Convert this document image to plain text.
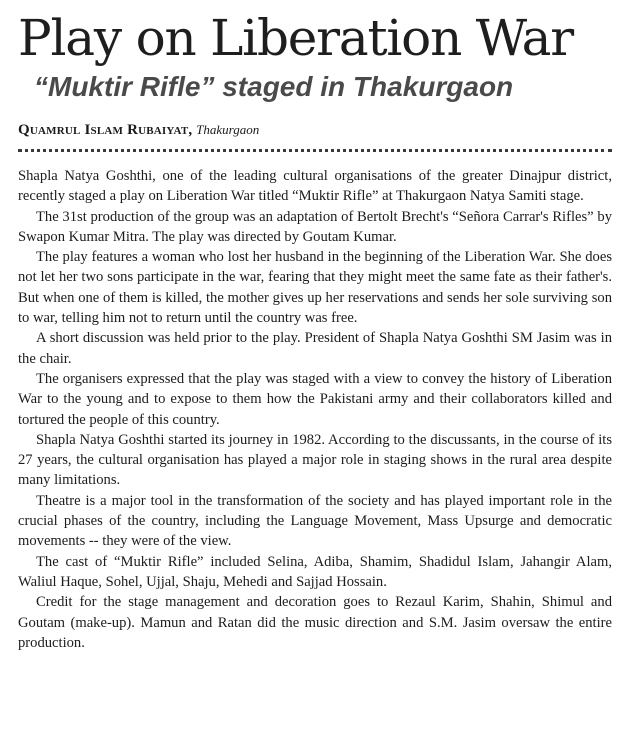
Play on Liberation War
“Muktir Rifle” staged in Thakurgaon
Quamrul Islam Rubaiyat, Thakurgaon

Shapla Natya Goshthi, one of the leading cultural organisations of the greater Dinajpur district, recently staged a play on Liberation War titled “Muktir Rifle” at Thakurgaon Natya Samiti stage.

The 31st production of the group was an adaptation of Bertolt Brecht's “Señora Carrar's Rifles” by Swapon Kumar Mitra. The play was directed by Goutam Kumar.

The play features a woman who lost her husband in the beginning of the Liberation War. She does not let her two sons participate in the war, fearing that they might meet the same fate as their father's. But when one of them is killed, the mother gives up her reservations and sends her sole surviving son to war, telling him not to return until the country was free.

A short discussion was held prior to the play. President of Shapla Natya Goshthi SM Jasim was in the chair.

The organisers expressed that the play was staged with a view to convey the history of Liberation War to the young and to expose to them how the Pakistani army and their collaborators killed and tortured the people of this country.

Shapla Natya Goshthi started its journey in 1982. According to the discussants, in the course of its 27 years, the cultural organisation has played a major role in staging shows in the rural area despite many limitations.

Theatre is a major tool in the transformation of the society and has played important role in the crucial phases of the country, including the Language Movement, Mass Upsurge and democratic movements -- they were of the view.

The cast of “Muktir Rifle” included Selina, Adiba, Shamim, Shadidul Islam, Jahangir Alam, Waliul Haque, Sohel, Ujjal, Shaju, Mehedi and Sajjad Hossain.

Credit for the stage management and decoration goes to Rezaul Karim, Shahin, Shimul and Goutam (make-up). Mamun and Ratan did the music direction and S.M. Jasim oversaw the entire production.
